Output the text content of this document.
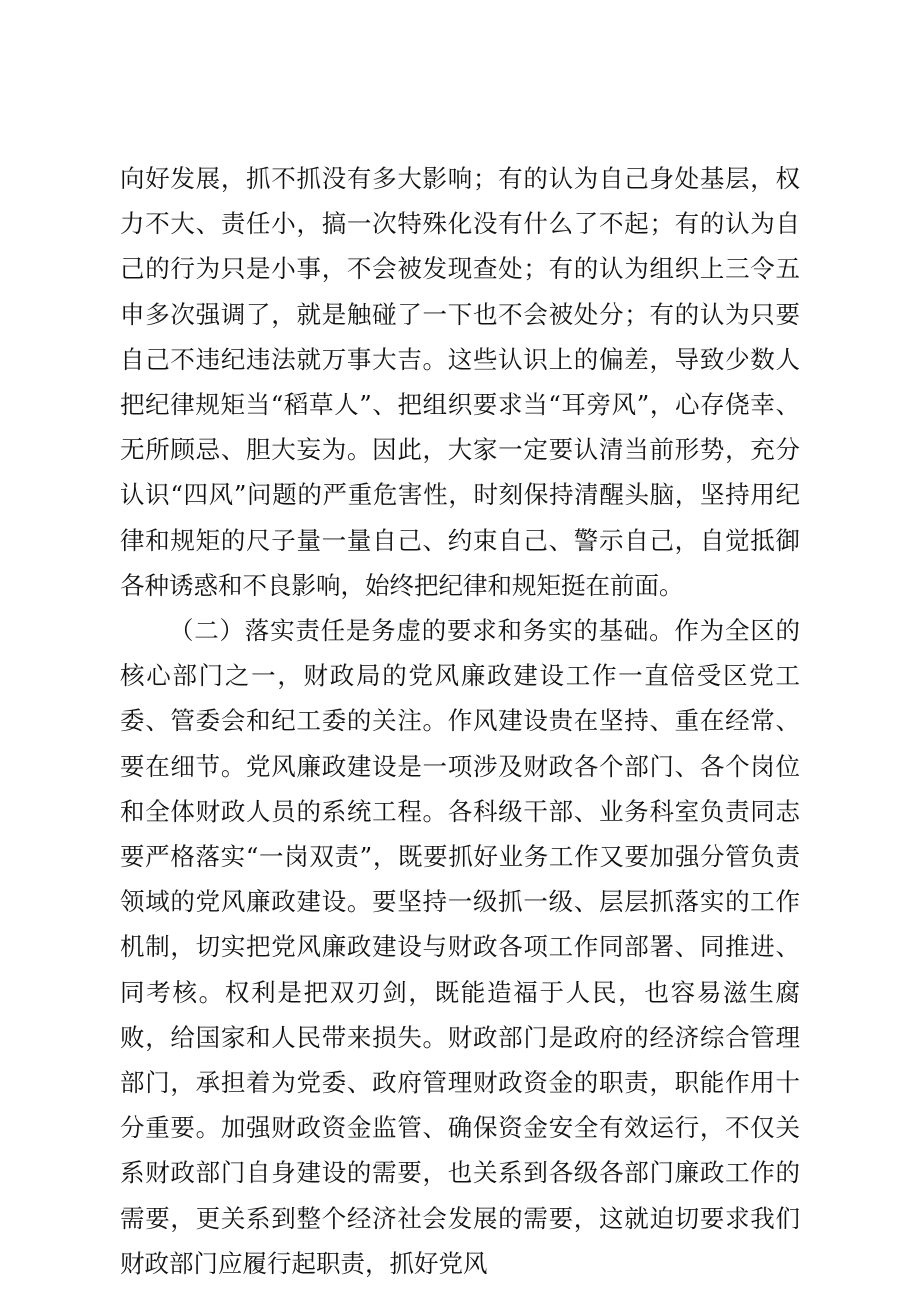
向好发展，抓不抓没有多大影响；有的认为自己身处基层，权力不大、责任小，搞一次特殊化没有什么了不起；有的认为自己的行为只是小事，不会被发现查处；有的认为组织上三令五申多次强调了，就是触碰了一下也不会被处分；有的认为只要自己不违纪违法就万事大吉。这些认识上的偏差，导致少数人把纪律规矩当“稻草人”、把组织要求当“耳旁风”，心存侥幸、无所顾忌、胆大妄为。因此，大家一定要认清当前形势，充分认识“四风”问题的严重危害性，时刻保持清醒头脑，坚持用纪律和规矩的尺子量一量自己、约束自己、警示自己，自觉抵御各种诱惑和不良影响，始终把纪律和规矩挺在前面。

（二）落实责任是务虚的要求和务实的基础。作为全区的核心部门之一，财政局的党风廉政建设工作一直倍受区党工委、管委会和纪工委的关注。作风建设贵在坚持、重在经常、要在细节。党风廉政建设是一项涉及财政各个部门、各个岗位和全体财政人员的系统工程。各科级干部、业务科室负责同志要严格落实“一岗双责”，既要抓好业务工作又要加强分管负责领域的党风廉政建设。要坚持一级抓一级、层层抓落实的工作机制，切实把党风廉政建设与财政各项工作同部署、同推进、同考核。权利是把双刃剑，既能造福于人民，也容易滋生腐败，给国家和人民带来损失。财政部门是政府的经济综合管理部门，承担着为党委、政府管理财政资金的职责，职能作用十分重要。加强财政资金监管、确保资金安全有效运行，不仅关系财政部门自身建设的需要，也关系到各级各部门廉政工作的需要，更关系到整个经济社会发展的需要，这就迫切要求我们财政部门应履行起职责，抓好党风
